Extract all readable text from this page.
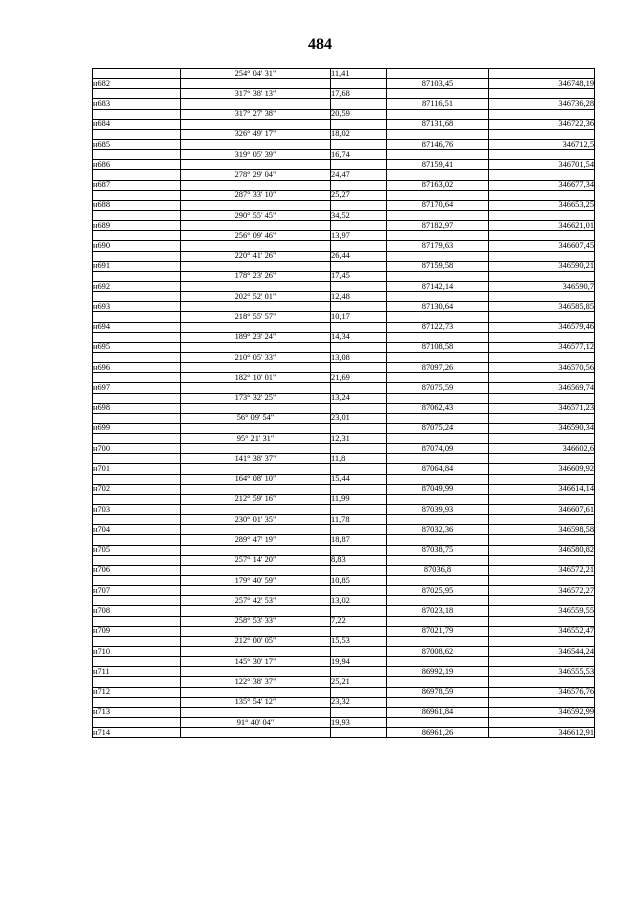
484
	254° 04' 31"	11,41		
н682			87103,45	346748,19
	317° 38' 13"	17,68		
н683			87116,51	346736,28
	317° 27' 38"	20,59		
н684			87131,68	346722,36
	326° 49' 17"	18,02		
н685			87146,76	346712,5
	319° 05' 39"	16,74		
н686			87159,41	346701,54
	278° 29' 04"	24,47		
н687			87163,02	346677,34
	287° 33' 10"	25,27		
н688			87170,64	346653,25
	290° 55' 45"	34,52		
н689			87182,97	346621,01
	256° 09' 46"	13,97		
н690			87179,63	346607,45
	220° 41' 26"	26,44		
н691			87159,58	346590,21
	178° 23' 26"	17,45		
н692			87142,14	346590,7
	202° 52' 01"	12,48		
н693			87130,64	346585,85
	218° 55' 57"	10,17		
н694			87122,73	346579,46
	189° 23' 24"	14,34		
н695			87108,58	346577,12
	210° 05' 33"	13,08		
н696			87097,26	346570,56
	182° 10' 01"	21,69		
н697			87075,59	346569,74
	173° 32' 25"	13,24		
н698			87062,43	346571,23
	56° 09' 54"	23,01		
н699			87075,24	346590,34
	95° 21' 31"	12,31		
н700			87074,09	346602,6
	141° 38' 37"	11,8		
н701			87064,84	346609,92
	164° 08' 10"	15,44		
н702			87049,99	346614,14
	212° 59' 16"	11,99		
н703			87039,93	346607,61
	230° 01' 35"	11,78		
н704			87032,36	346598,58
	289° 47' 19"	18,87		
н705			87038,75	346580,82
	257° 14' 20"	8,83		
н706			87036,8	346572,21
	179° 40' 59"	10,85		
н707			87025,95	346572,27
	257° 42' 53"	13,02		
н708			87023,18	346559,55
	258° 53' 33"	7,22		
н709			87021,79	346552,47
	212° 00' 05"	15,53		
н710			87008,62	346544,24
	145° 30' 17"	19,94		
н711			86992,19	346555,53
	122° 38' 37"	25,21		
н712			86978,59	346576,76
	135° 54' 12"	23,32		
н713			86961,84	346592,99
	91° 40' 04"	19,93		
н714			86961,26	346612,91
